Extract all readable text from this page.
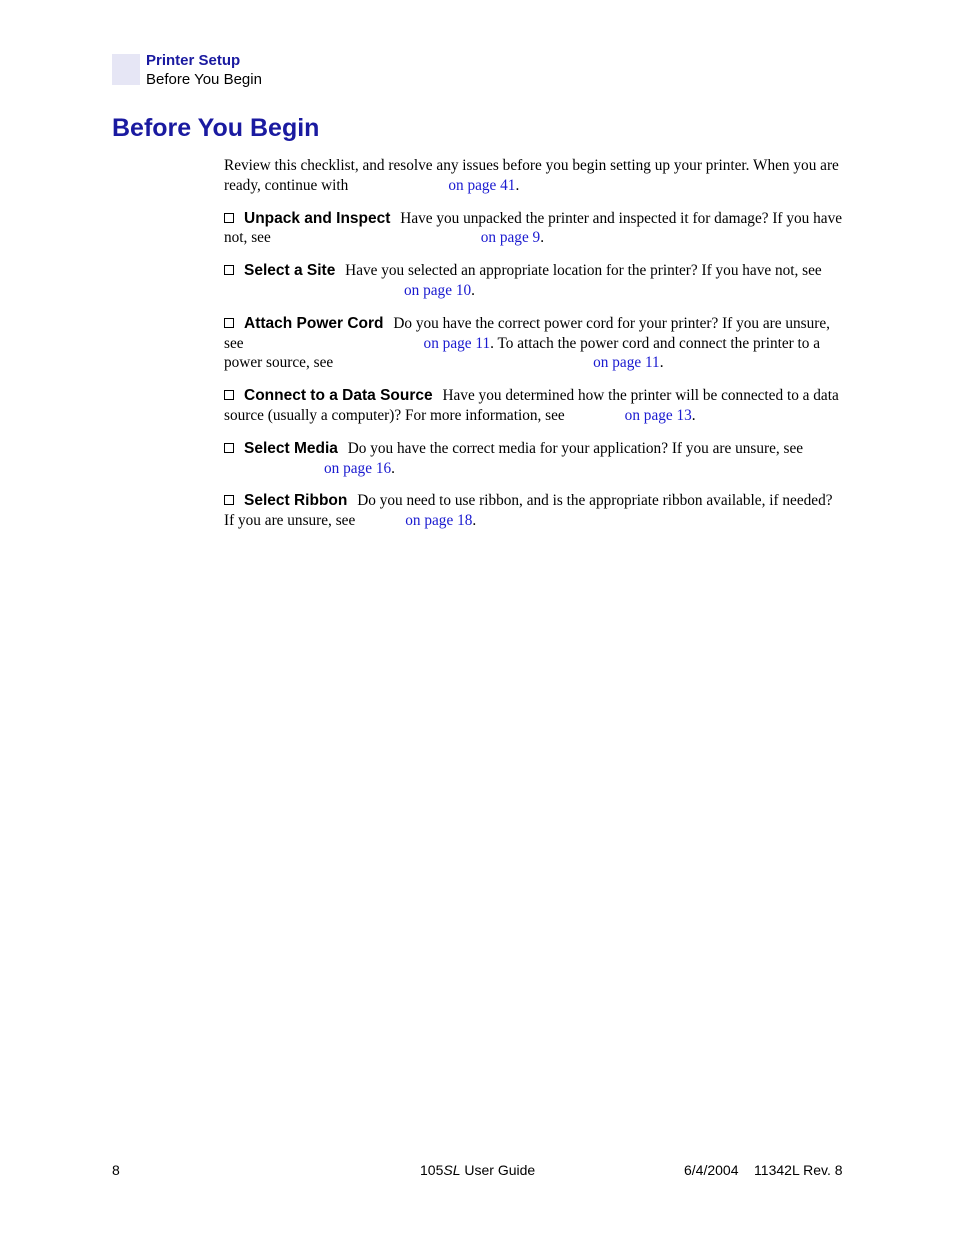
Printer Setup
Before You Begin
Before You Begin

Review this checklist, and resolve any issues before you begin setting up your printer. When you are ready, continue with	on page 41.

Unpack and Inspect Have you unpacked the printer and inspected it for damage? If you have not, see	on page 9.

Select a Site Have you selected an appropriate location for the printer? If you have not, seeon page 10.

Attach Power Cord Do you have the correct power cord for your printer? If you are unsure, see	on page 11. To attach the power cord and connect the printer to a power source, see	on page 11.

Connect to a Data Source Have you determined how the printer will be connected to a data source (usually a computer)? For more information, see	on page 13.

Select Media Do you have the correct media for your application? If you are unsure, seeon page 16.

Select Ribbon Do you need to use ribbon, and is the appropriate ribbon available, if needed? If you are unsure, see	on page 18.

8	105SL User Guide	6/4/2004    11342L Rev. 8
